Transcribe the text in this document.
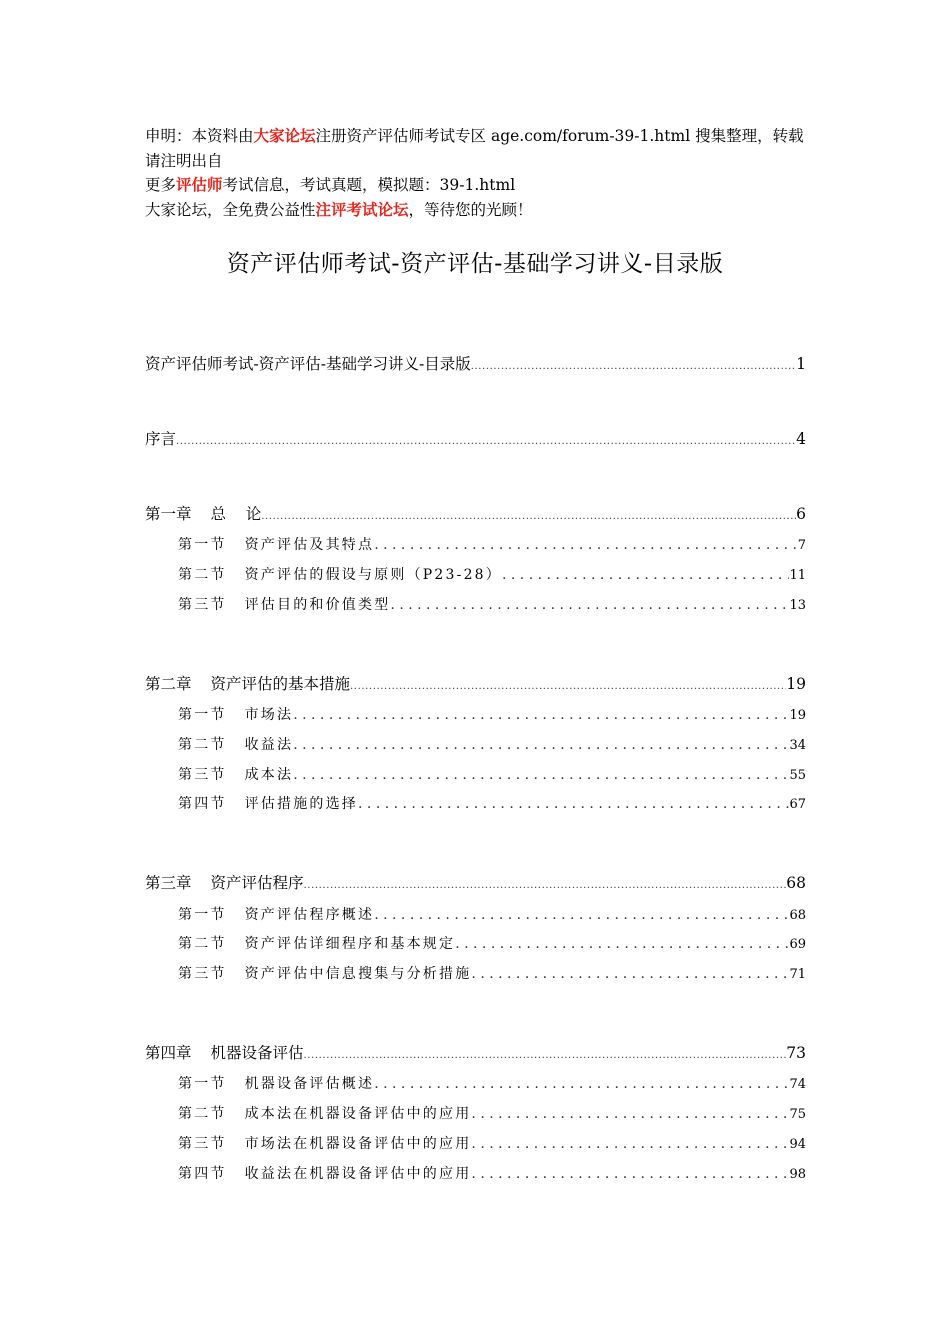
申明：本资料由大家论坛注册资产评估师考试专区 age.com/forum-39-1.html 搜集整理，转载请注明出自

更多评估师考试信息，考试真题，模拟题：39-1.html

大家论坛，全免费公益性注评考试论坛，等待您的光顾！

资产评估师考试-资产评估-基础学习讲义-目录版
资产评估师考试-资产评估-基础学习讲义-目录版 .....	1
序言 .....	4
第一章 总    论 .....	6
第一节 资产评估及其特点 . . .	7
第二节 资产评估的假设与原则（P23-28） . . .	11
第三节 评估目的和价值类型 . . .	13
第二章 资产评估的基本措施 .....	19
第一节 市场法 . . .	19
第二节 收益法 . . .	34
第三节 成本法 . . .	55
第四节 评估措施的选择 . . .	67
第三章 资产评估程序 .....	68
第一节 资产评估程序概述 . . .	68
第二节 资产评估详细程序和基本规定 . . .	69
第三节 资产评估中信息搜集与分析措施 . . .	71
第四章 机器设备评估 .....	73
第一节 机器设备评估概述 . . .	74
第二节 成本法在机器设备评估中的应用 . . .	75
第三节 市场法在机器设备评估中的应用 . . .	94
第四节 收益法在机器设备评估中的应用 . . .	98
